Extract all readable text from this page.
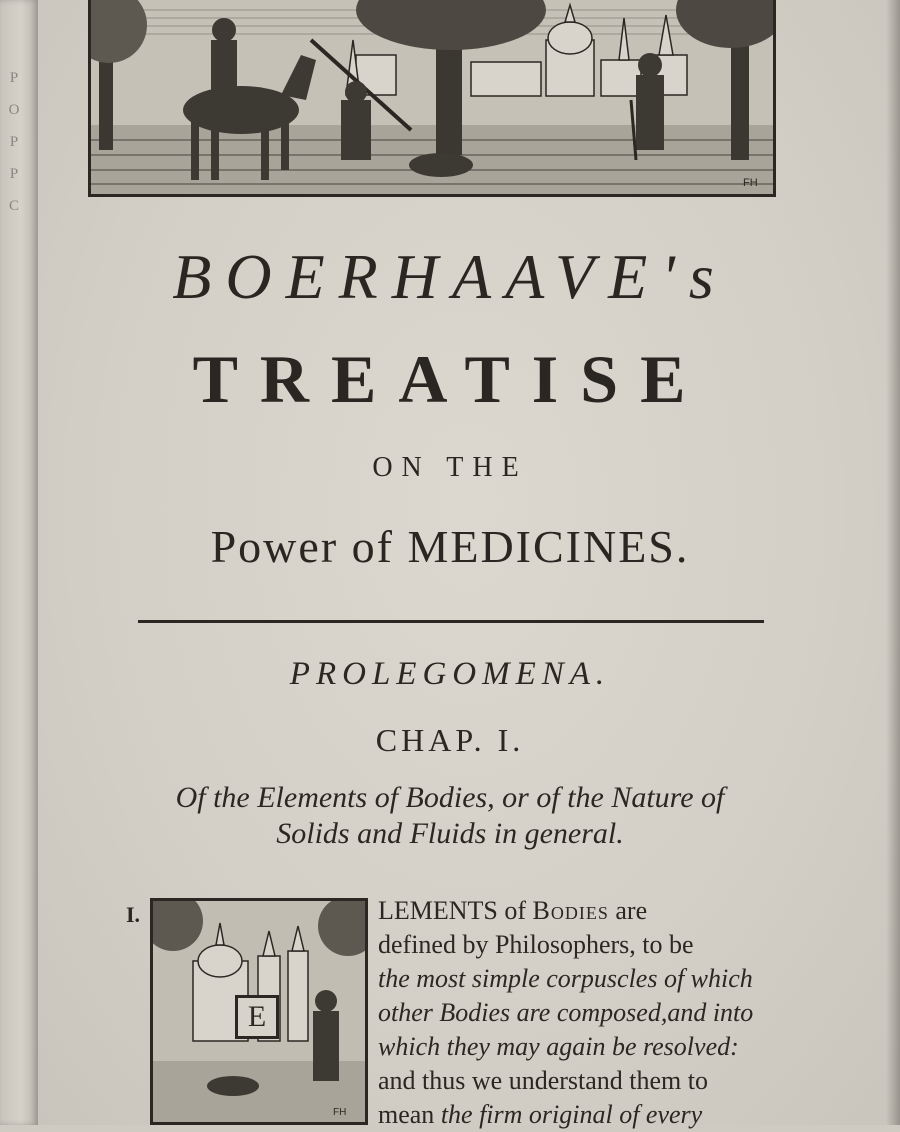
P
O
P
P
C
FH
BOERHAAVE's
TREATISE
ON THE
Power of MEDICINES.
PROLEGOMENA.
CHAP. I.
Of the Elements of Bodies, or of the Nature of
Solids and Fluids in general.
I.
FH
E
LEMENTS of Bodies are
defined by Philosophers, to be
the most simple corpuscles of which
other Bodies are composed,and into
which they may again be resolved:
and thus we understand them to
mean the firm original of every
